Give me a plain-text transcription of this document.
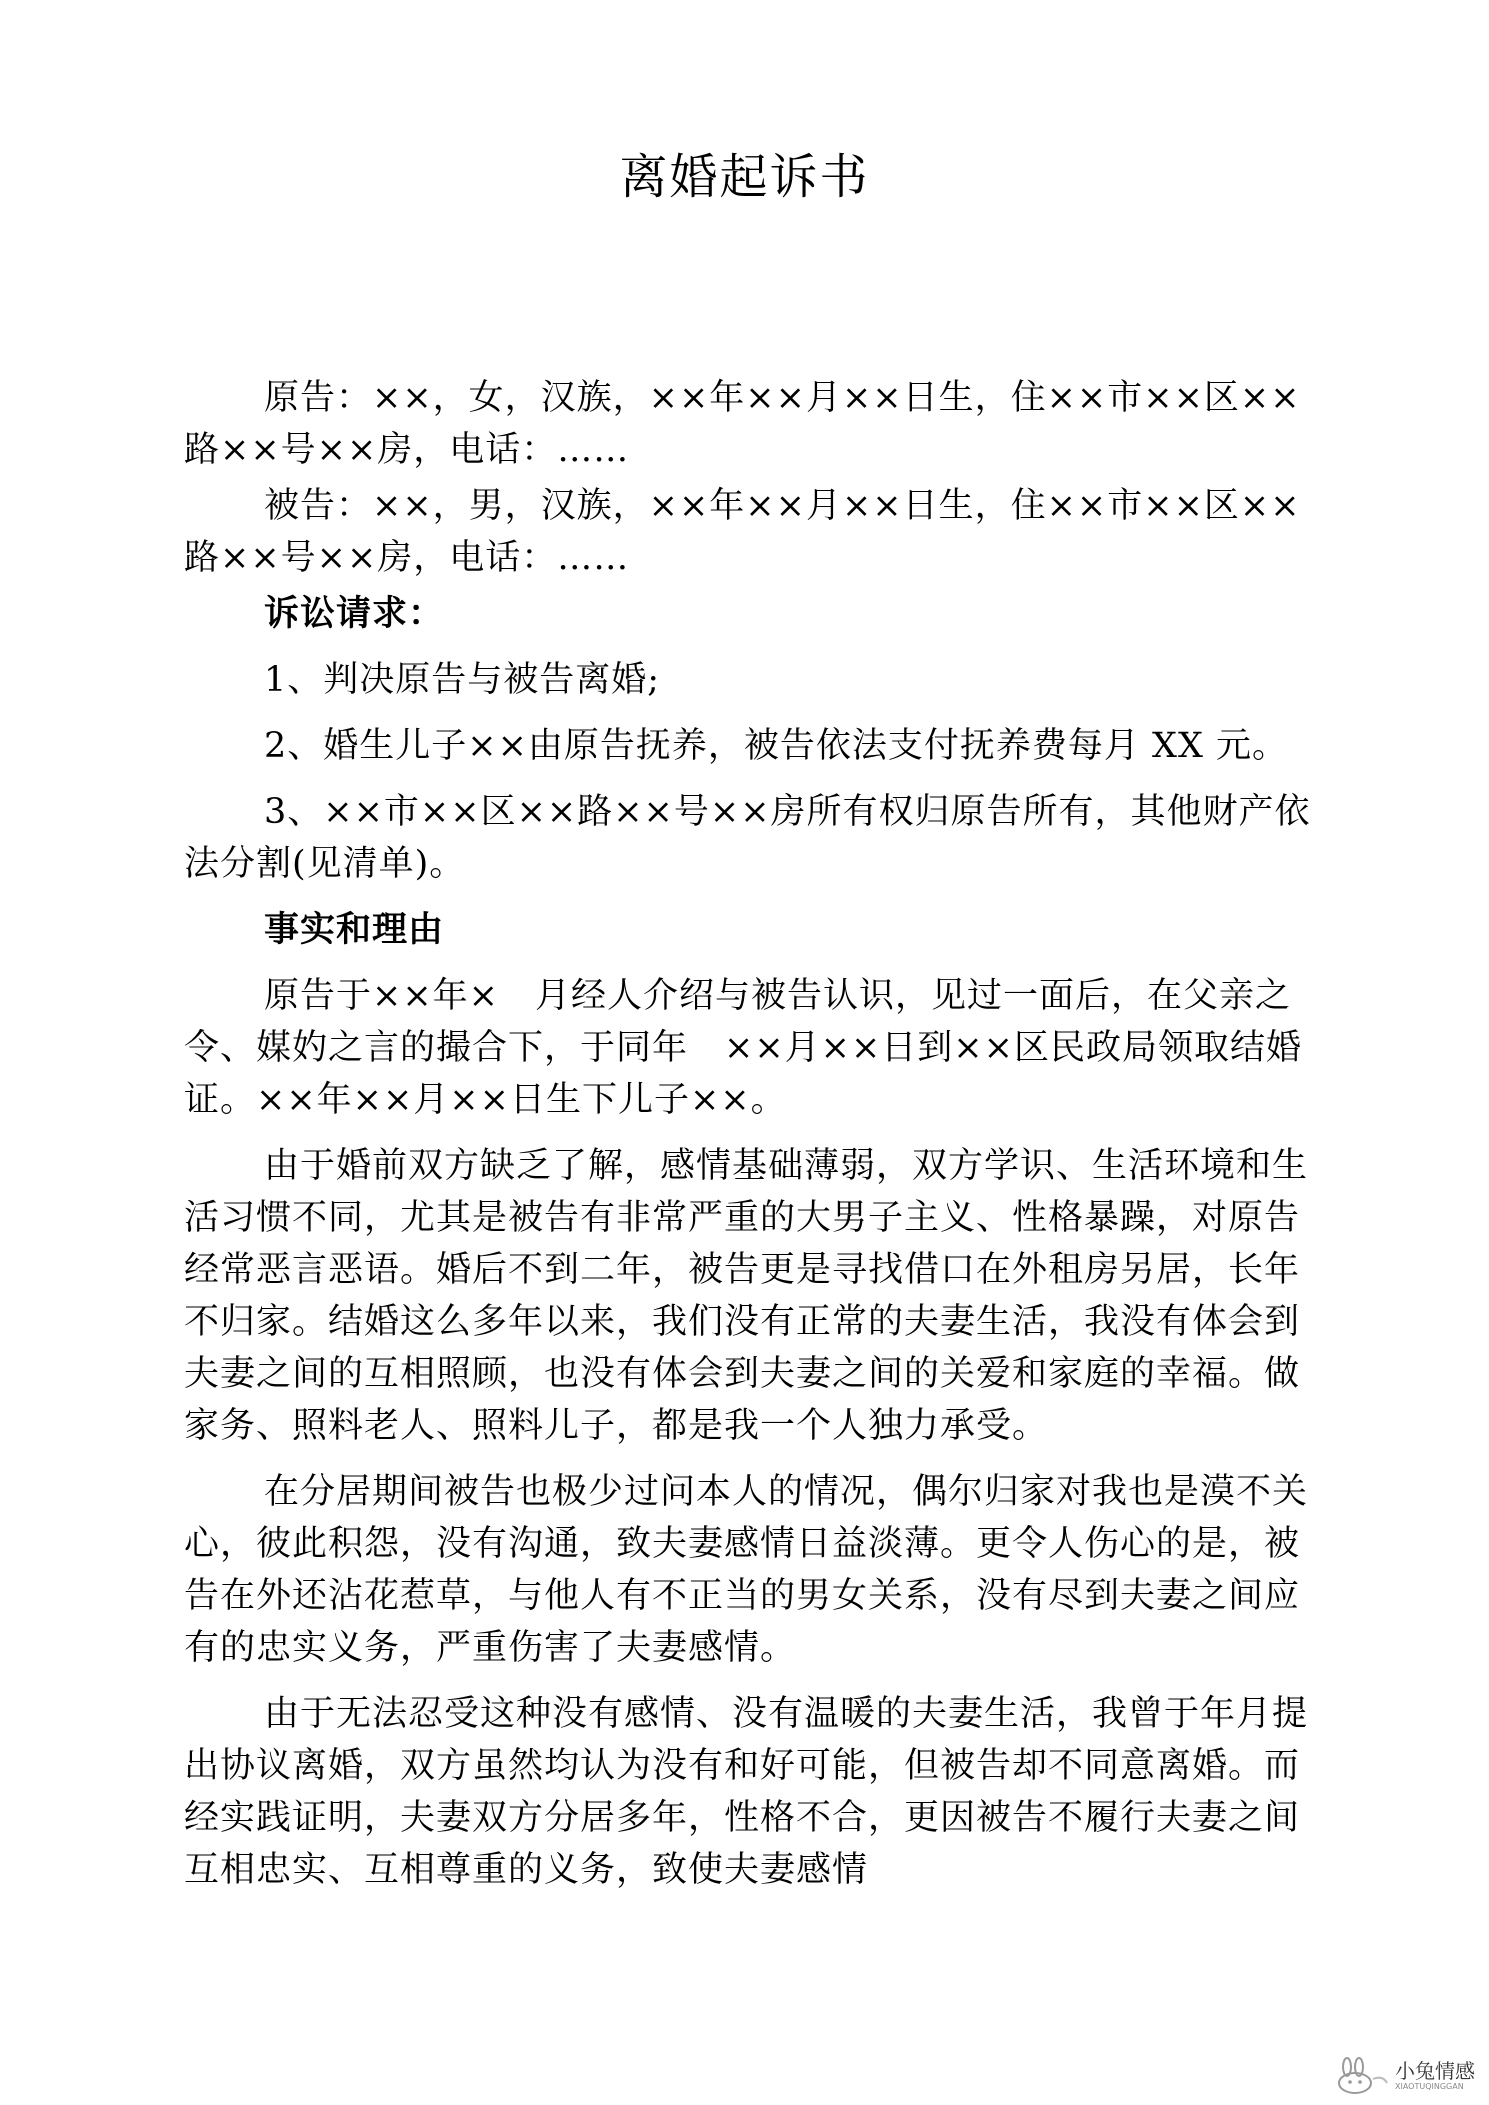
离婚起诉书

原告：××，女，汉族，××年××月××日生，住××市××区××路××号××房，电话：……

被告：××，男，汉族，××年××月××日生，住××市××区××路××号××房，电话：……

诉讼请求：

1、判决原告与被告离婚;

2、婚生儿子××由原告抚养，被告依法支付抚养费每月 XX 元。

3、××市××区××路××号××房所有权归原告所有，其他财产依法分割(见清单)。

事实和理由

原告于××年×　月经人介绍与被告认识，见过一面后，在父亲之令、媒妁之言的撮合下，于同年　××月××日到××区民政局领取结婚证。××年××月××日生下儿子××。

由于婚前双方缺乏了解，感情基础薄弱，双方学识、生活环境和生活习惯不同，尤其是被告有非常严重的大男子主义、性格暴躁，对原告经常恶言恶语。婚后不到二年，被告更是寻找借口在外租房另居，长年不归家。结婚这么多年以来，我们没有正常的夫妻生活，我没有体会到夫妻之间的互相照顾，也没有体会到夫妻之间的关爱和家庭的幸福。做家务、照料老人、照料儿子，都是我一个人独力承受。

在分居期间被告也极少过问本人的情况，偶尔归家对我也是漠不关心，彼此积怨，没有沟通，致夫妻感情日益淡薄。更令人伤心的是，被告在外还沾花惹草，与他人有不正当的男女关系，没有尽到夫妻之间应有的忠实义务，严重伤害了夫妻感情。

由于无法忍受这种没有感情、没有温暖的夫妻生活，我曾于年月提出协议离婚，双方虽然均认为没有和好可能，但被告却不同意离婚。而经实践证明，夫妻双方分居多年，性格不合，更因被告不履行夫妻之间互相忠实、互相尊重的义务，致使夫妻感情

小兔情感
XIAOTUQINGGAN
